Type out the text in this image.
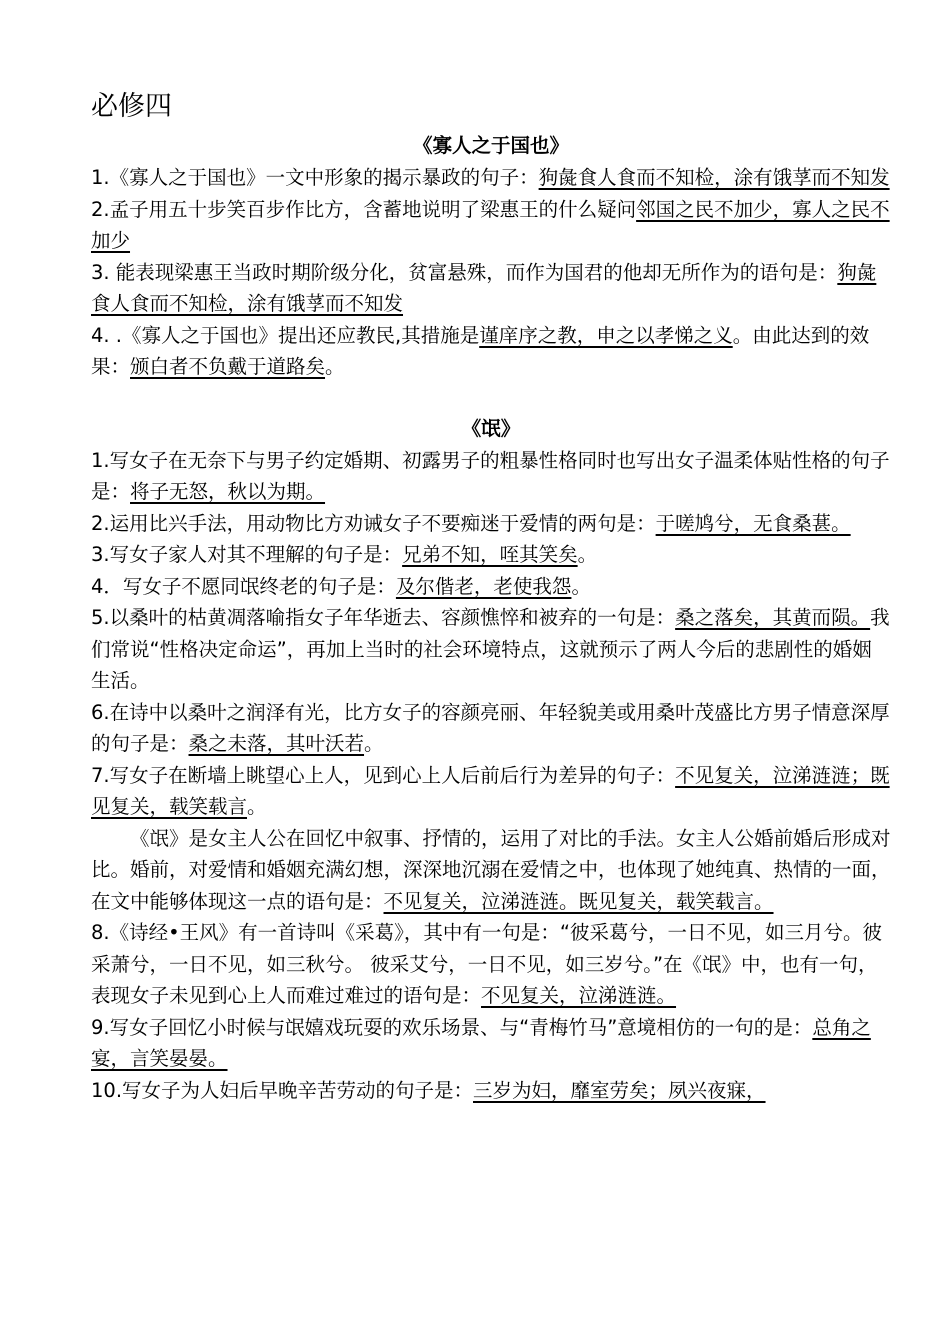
必修四
《寡人之于国也》

1.《寡人之于国也》一文中形象的揭示暴政的句子：狗彘食人食而不知检，涂有饿莩而不知发

2.孟子用五十步笑百步作比方，含蓄地说明了梁惠王的什么疑问邻国之民不加少，寡人之民不加少

3. 能表现梁惠王当政时期阶级分化，贫富悬殊，而作为国君的他却无所作为的语句是：狗彘食人食而不知检，涂有饿莩而不知发

4. .《寡人之于国也》提出还应教民,其措施是谨庠序之教，申之以孝悌之义。由此达到的效果：颁白者不负戴于道路矣。

《氓》

1.写女子在无奈下与男子约定婚期、初露男子的粗暴性格同时也写出女子温柔体贴性格的句子是：将子无怒，秋以为期。

2.运用比兴手法，用动物比方劝诫女子不要痴迷于爱情的两句是：于嗟鸠兮，无食桑葚。

3.写女子家人对其不理解的句子是：兄弟不知，咥其笑矣。

4．写女子不愿同氓终老的句子是：及尔偕老，老使我怨。

5.以桑叶的枯黄凋落喻指女子年华逝去、容颜憔悴和被弃的一句是：桑之落矣，其黄而陨。我们常说“性格决定命运”，再加上当时的社会环境特点，这就预示了两人今后的悲剧性的婚姻生活。

6.在诗中以桑叶之润泽有光，比方女子的容颜亮丽、年轻貌美或用桑叶茂盛比方男子情意深厚的句子是：桑之未落，其叶沃若。

7.写女子在断墙上眺望心上人，见到心上人后前后行为差异的句子：不见复关，泣涕涟涟；既见复关，载笑载言。

《氓》是女主人公在回忆中叙事、抒情的，运用了对比的手法。女主人公婚前婚后形成对比。婚前，对爱情和婚姻充满幻想，深深地沉溺在爱情之中，也体现了她纯真、热情的一面，在文中能够体现这一点的语句是：不见复关，泣涕涟涟。既见复关，载笑载言。

8.《诗经•王风》有一首诗叫《采葛》，其中有一句是：“彼采葛兮，一日不见，如三月兮。彼采萧兮，一日不见，如三秋兮。 彼采艾兮，一日不见，如三岁兮。”在《氓》中，也有一句，表现女子未见到心上人而难过难过的语句是：不见复关，泣涕涟涟。

9.写女子回忆小时候与氓嬉戏玩耍的欢乐场景、与“青梅竹马”意境相仿的一句的是：总角之宴，言笑晏晏。

10.写女子为人妇后早晚辛苦劳动的句子是：三岁为妇，靡室劳矣；夙兴夜寐，
